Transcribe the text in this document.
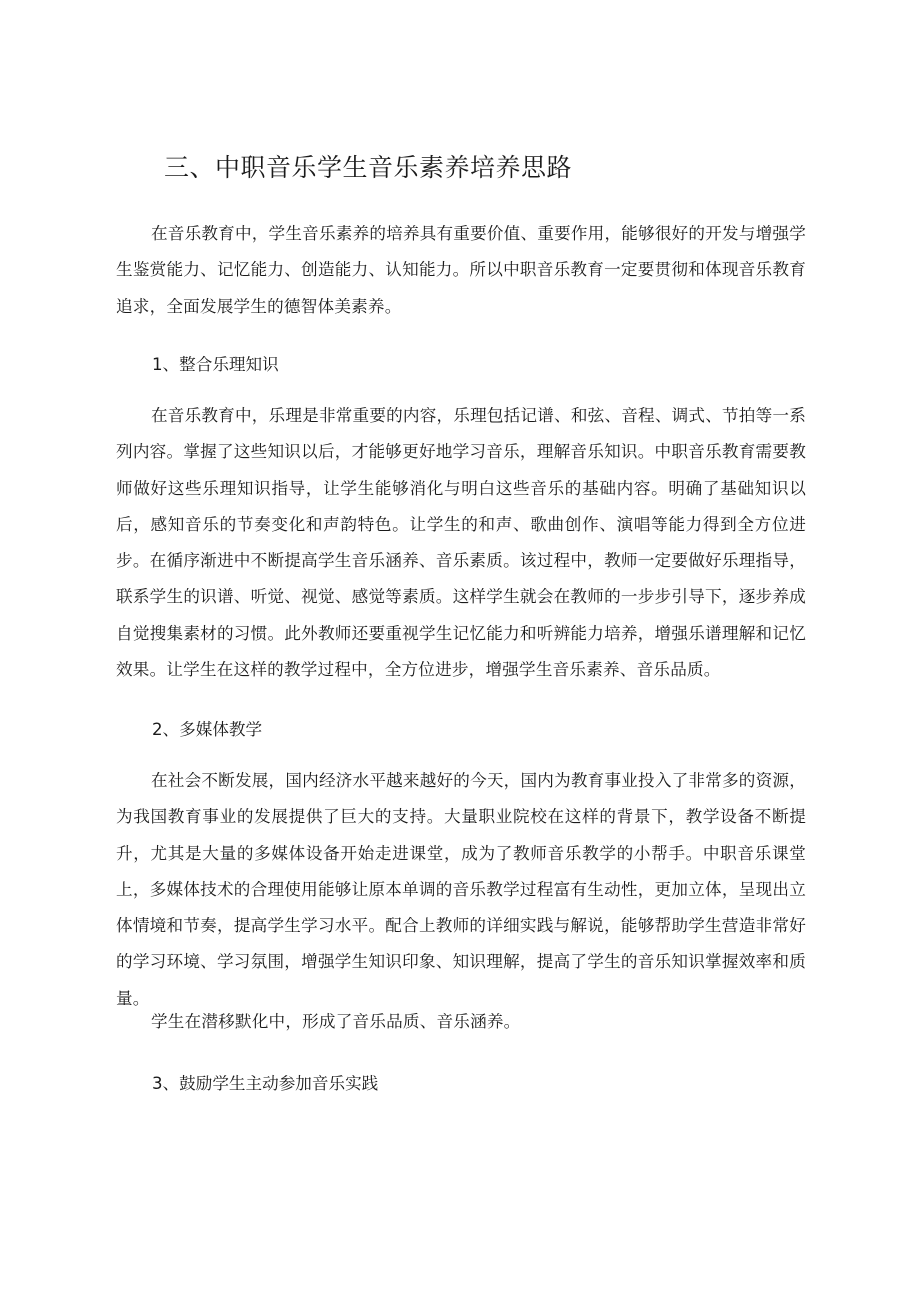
三、中职音乐学生音乐素养培养思路

在音乐教育中，学生音乐素养的培养具有重要价值、重要作用，能够很好的开发与增强学生鉴赏能力、记忆能力、创造能力、认知能力。所以中职音乐教育一定要贯彻和体现音乐教育追求，全面发展学生的德智体美素养。

1、整合乐理知识

在音乐教育中，乐理是非常重要的内容，乐理包括记谱、和弦、音程、调式、节拍等一系列内容。掌握了这些知识以后，才能够更好地学习音乐，理解音乐知识。中职音乐教育需要教师做好这些乐理知识指导，让学生能够消化与明白这些音乐的基础内容。明确了基础知识以后，感知音乐的节奏变化和声韵特色。让学生的和声、歌曲创作、演唱等能力得到全方位进步。在循序渐进中不断提高学生音乐涵养、音乐素质。该过程中，教师一定要做好乐理指导，联系学生的识谱、听觉、视觉、感觉等素质。这样学生就会在教师的一步步引导下，逐步养成自觉搜集素材的习惯。此外教师还要重视学生记忆能力和听辨能力培养，增强乐谱理解和记忆效果。让学生在这样的教学过程中，全方位进步，增强学生音乐素养、音乐品质。

2、多媒体教学

在社会不断发展，国内经济水平越来越好的今天，国内为教育事业投入了非常多的资源，为我国教育事业的发展提供了巨大的支持。大量职业院校在这样的背景下，教学设备不断提升，尤其是大量的多媒体设备开始走进课堂，成为了教师音乐教学的小帮手。中职音乐课堂上，多媒体技术的合理使用能够让原本单调的音乐教学过程富有生动性，更加立体，呈现出立体情境和节奏，提高学生学习水平。配合上教师的详细实践与解说，能够帮助学生营造非常好的学习环境、学习氛围，增强学生知识印象、知识理解，提高了学生的音乐知识掌握效率和质量。

学生在潜移默化中，形成了音乐品质、音乐涵养。

3、鼓励学生主动参加音乐实践
